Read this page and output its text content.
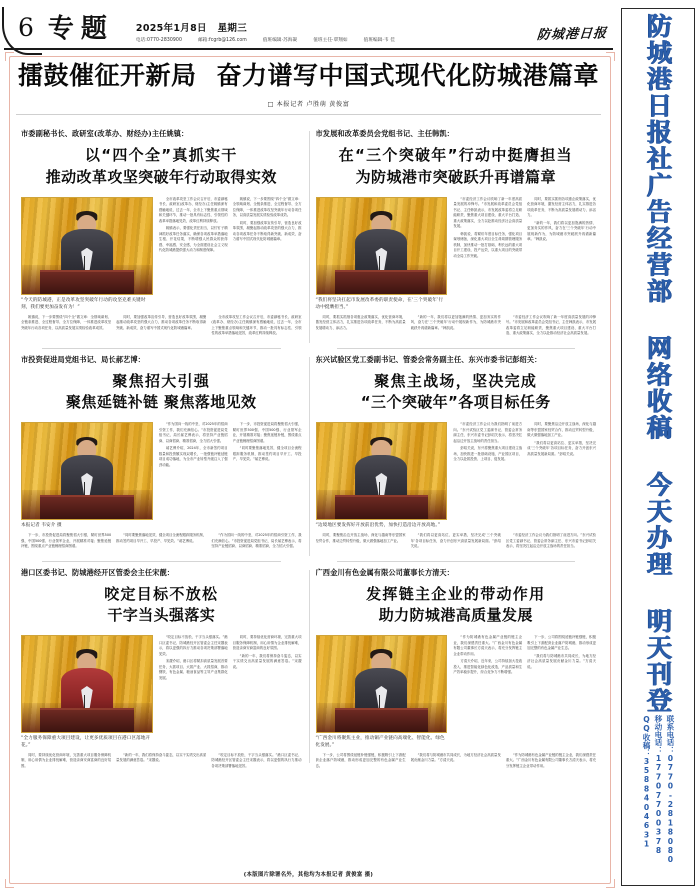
6 专题 2025年1月8日 星期三
电话:0770-2830900	邮箱:fcgrb@126.com	值班编辑·苏海凝	值班主任·覃翔如	值班编辑·韦 佳	防城港日报
擂鼓催征开新局 奋力谱写中国式现代化防城港篇章
□ 本报记者 卢胜萌 黄俊富
市委副秘书长、政研室(改革办、财经办)主任姚镇：
以“四个全”真抓实干
推动改革攻坚突破年行动取得实效
“今天的防城港，正是改革攻坚突破年行动的攻坚克难关键时刻，我们要更加奋发有为！”

全市改革攻坚工作会议召开后，市委副秘书长、政研室(改革办、财经办)主任姚镇深有感触地说，过去一年，全市上下聚焦重点领域和关键环节，推动一批具有标志性、引领性的改革举措落地见效，改革红利持续释放。

姚镇表示，要强化责任担当，以钉钉子精神抓好改革任务落实，确保各项改革举措落地生根、开花结果，不断增强人民群众的获得感、幸福感、安全感，为全面建设社会主义现代化防城港提供强大动力和制度保障。

姚镇说，下一步要围绕“四个全”做文章：全领域谋划、全链条推进、全过程督导、全方位保障，一体推进改革攻坚突破年行动各项任务，以高质量发展实绩检验改革成效。

同时，要加强改革宣传引导，营造良好改革氛围，凝聚起推动改革攻坚的强大合力，推动各项改革任务不断取得新突破、新成效，奋力谱写中国式现代化防城港篇章。

姚镇说，下一步要围绕“四个全”做文章：全领域谋划、全链条推进、全过程督导、全方位保障，一体推进改革攻坚突破年行动各项任务，以高质量发展实绩检验改革成效。

同时，要加强改革宣传引导，营造良好改革氛围，凝聚起推动改革攻坚的强大合力，推动各项改革任务不断取得新突破、新成效，奋力谱写中国式现代化防城港篇章。

全市改革攻坚工作会议召开后，市委副秘书长、政研室(改革办、财经办)主任姚镇深有感触地说，过去一年，全市上下聚焦重点领域和关键环节，推动一批具有标志性、引领性的改革举措落地见效，改革红利持续释放。

市发展和改革委员会党组书记、主任韩凯：
在“三个突破年”行动中挺膺担当
为防城港市突破跃升再谱篇章
“我们将坚决扛起市发展改革委的职责使命，在‘三个突破年’行动中挺膺担当。”

“市委经济工作会议吹响了新一年度高质量发展的冲锋号。”市发展和改革委员会党组书记、主任韩凯表示，市发展改革委将立足职能职责，聚焦重大项目建设、重大平台打造、重大政策落实，全力以赴推动经济社会高质量发展。

韩凯说，将紧盯年度目标任务，强化项目谋划储备，深化重大项目全生命周期管理服务机制，加快推动一批打基础、利长远的重大项目开工建设、投产达效，以重大项目的突破带动全局工作突破。

同时，要抓实抓细各项惠企政策落实，优化营商环境，激发经营主体活力，扎实推进各项改革任务，不断为高质量发展增动力、添活力。

“新的一年，我们将以更加饱满的热情、更加务实的作风，奋力在‘三个突破年’行动中展现新作为，为防城港市突破跃升再谱新篇章。”韩凯说。

同时，要抓实抓细各项惠企政策落实，优化营商环境，激发经营主体活力，扎实推进各项改革任务，不断为高质量发展增动力、添活力。

“新的一年，我们将以更加饱满的热情、更加务实的作风，奋力在‘三个突破年’行动中展现新作为，为防城港市突破跃升再谱新篇章。”韩凯说。

“市委经济工作会议吹响了新一年度高质量发展的冲锋号。”市发展和改革委员会党组书记、主任韩凯表示，市发展改革委将立足职能职责，聚焦重大项目建设、重大平台打造、重大政策落实，全力以赴推动经济社会高质量发展。

市投资促进局党组书记、局长郝艺博：
聚焦招大引强
聚焦延链补链 聚焦落地见效
本报记者 韦安介 摄

“作为国向一线的中坚，对2025年的招商引资工作，我们充满信心。”市投资促进局党组书记、局长郝艺博表示，将坚持产业链招商、以商招商、精准招商，全力招大引强。

郝艺博介绍，2024年，全市新签约项目数量和投资额实现双增长，一批强链补链延链项目成功落地，为全市产业转型升级注入了强劲动能。

下一步，市投资促进局将聚焦招大引强，紧盯世界500强、中国500强、行业领军企业，开展精准对接；聚焦延链补链，围绕重点产业链梳理招商图谱。

“同时要聚焦落地见效，健全项目全流程跟踪服务机制，推动签约项目早开工、早投产、早见效。”郝艺博说。

下一步，市投资促进局将聚焦招大引强，紧盯世界500强、中国500强、行业领军企业，开展精准对接；聚焦延链补链，围绕重点产业链梳理招商图谱。

“同时要聚焦落地见效，健全项目全流程跟踪服务机制，推动签约项目早开工、早投产、早见效。”郝艺博说。

“作为国向一线的中坚，对2025年的招商引资工作，我们充满信心。”市投资促进局党组书记、局长郝艺博表示，将坚持产业链招商、以商招商、精准招商，全力招大引强。

东兴试验区党工委副书记、管委会常务副主任、东兴市委书记彭绍关：
聚焦主战场，坚决完成
“三个突破年”各项目标任务
“边境地区要发挥好开放前沿优势，加快打造沿边开放高地。”

“市委经济工作会议为我们指明了前进方向。”东兴试验区党工委副书记、管委会常务副主任、东兴市委书记彭绍关表示，将坚决扛起沿边开放主战场的责任担当。

彭绍关说，东兴将聚焦重大项目建设主战场，加快推进一批基础设施、产业园区项目，全力以赴抓投资、上项目、促发展。

同时，要聚焦沿边开放主战场，深化与越南等东盟国家经贸合作，推动边贸转型升级，做大做强落地加工产业。

“我们将以更高站位、更实举措，坚决完成‘三个突破年’各项目标任务，奋力开创东兴高质量发展新局面。”彭绍关说。

同时，要聚焦沿边开放主战场，深化与越南等东盟国家经贸合作，推动边贸转型升级，做大做强落地加工产业。

“我们将以更高站位、更实举措，坚决完成‘三个突破年’各项目标任务，奋力开创东兴高质量发展新局面。”彭绍关说。

“市委经济工作会议为我们指明了前进方向。”东兴试验区党工委副书记、管委会常务副主任、东兴市委书记彭绍关表示，将坚决扛起沿边开放主战场的责任担当。

港口区委书记、防城港经开区管委会主任宋靓：
咬定目标不放松
干字当头强落实
“全力服务保障重大项目建设，让更多优质项目在港口区落地开花。”

“咬定目标不放松，干字当头强落实。”港口区委书记、防城港经开区管委会主任宋靓表示，将以更强的执行力推动各项决策部署落地见效。

宋靓介绍，港口区将紧扣高质量发展首要任务，大抓项目、大抓产业、大抓招商，推动钢铁、有色金属、粮油食品等主导产业集群化发展。

同时，要持续优化营商环境，完善重大项目服务保障机制，用心用情为企业排忧解难，营造亲商安商富商的良好氛围。

“新的一年，我们将保持奋斗姿态，以实干实绩交出高质量发展的满意答卷。”宋靓说。

同时，要持续优化营商环境，完善重大项目服务保障机制，用心用情为企业排忧解难，营造亲商安商富商的良好氛围。

“新的一年，我们将保持奋斗姿态，以实干实绩交出高质量发展的满意答卷。”宋靓说。

“咬定目标不放松，干字当头强落实。”港口区委书记、防城港经开区管委会主任宋靓表示，将以更强的执行力推动各项决策部署落地见效。

广西金川有色金属有限公司董事长方清天：
发挥链主企业的带动作用
助力防城港高质量发展
“广西金川将聚焦主业，推动铜产业链向高端化、智能化、绿色化发展。”

“作为防城港有色金属产业链的链主企业，我们深感责任重大。”广西金川有色金属有限公司董事长方清天表示，将充分发挥链主企业带动作用。

方清天介绍，近年来，公司持续加大技改投入，推进智能化绿色化改造，产品质量和生产效率稳步提升，综合竞争力不断增强。

下一步，公司将围绕延链补链强链，积极吸引上下游配套企业落户防城港，推动形成更加完整的有色金属产业生态。

“我们将与防城港市共同成长，为地方经济社会高质量发展贡献金川力量。”方清天说。

下一步，公司将围绕延链补链强链，积极吸引上下游配套企业落户防城港，推动形成更加完整的有色金属产业生态。

“我们将与防城港市共同成长，为地方经济社会高质量发展贡献金川力量。”方清天说。

“作为防城港有色金属产业链的链主企业，我们深感责任重大。”广西金川有色金属有限公司董事长方清天表示，将充分发挥链主企业带动作用。

(本版图片除署名外，其他均为本报记者 黄俊富 摄)
防城港日报社广告经营部 网络收稿 今天办理 明天刊登
联系电话：0770-2818080
移动电话：17707700378
QQ收稿：3588404631
